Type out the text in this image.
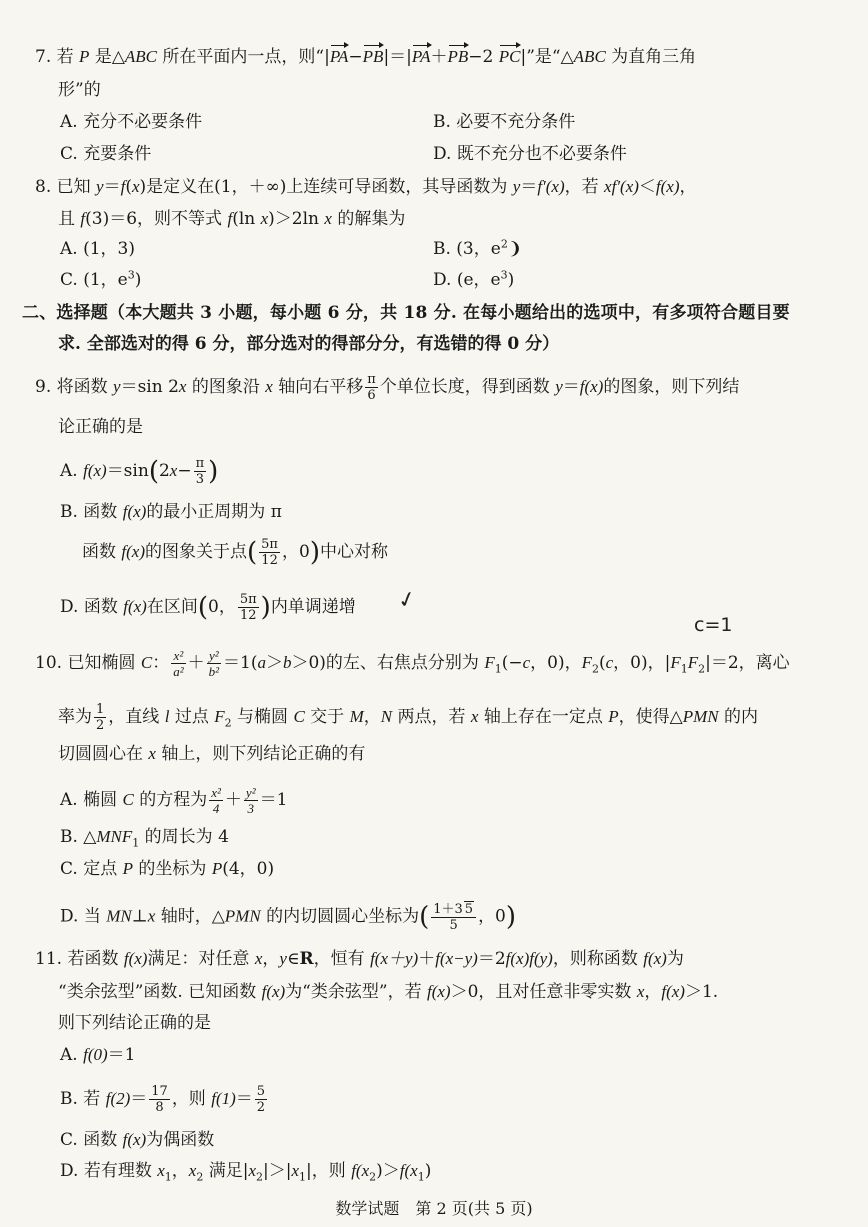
7. 若 P 是△ABC 所在平面内一点，则“|PA−PB|＝|PA＋PB−2 PC|”是“△ABC 为直角三角
形”的
A. 充分不必要条件	B. 必要不充分条件
C. 充要条件	D. 既不充分也不必要条件
8. 已知 y＝f(x)是定义在(1，＋∞)上连续可导函数，其导函数为 y＝f′(x)，若 xf′(x)＜f(x)，
且 f(3)＝6，则不等式 f(ln x)＞2ln x 的解集为
A. (1，3)	B. (3，$e^2❩$
C. (1，$e^3$)	D. (e，$e^3$)
二、选择题（本大题共 3 小题，每小题 6 分，共 18 分. 在每小题给出的选项中，有多项符合题目要
求. 全部选对的得 6 分，部分选对的得部分分，有选错的得 0 分）
9. 将函数 y＝sin 2x 的图象沿 x 轴向右平移 $\frac{\pi}{6}$ 个单位长度，得到函数 y＝f(x)的图象，则下列结
论正确的是
A. $f(x)=\sin(2x- \frac{\pi}{3}$ )
B. 函数 f(x)的最小正周期为 π
函数 f(x)的图象关于点( $\frac{5\pi}{12}$ ，0)中心对称
D. 函数 f(x)在区间(0， $\frac{5\pi}{12}$ )内单调递增 ✓
c=1
10. 已知椭圆 C： $\frac{\text{x²}}{\text{a²}} + \frac{\text{y²}}{\text{b²}} =1(a>b>0)$的左、右焦点分别为 $F_1(-c$，0)，$F_2(c$，0)，$|F_1F_2|=2$，离心
率为 $\frac{1}{2}$ ，直线 l 过点 $F_2$ 与椭圆 C 交于 M，N 两点，若 x 轴上存在一定点 P，使得△PMN 的内
切圆圆心在 x 轴上，则下列结论正确的有
A. 椭圆 C 的方程为 $\frac{\text{x²}}{4} + \frac{\text{y²}}{3} =1$
B. $\triangle MNF_1$ 的周长为 4
C. 定点 P 的坐标为 P(4，0)
D. 当 MN⊥x 轴时，△PMN 的内切圆圆心坐标为( $\frac{1+3 5}{5}$ ，0)
11. 若函数 f(x)满足：对任意 x，y∈R，恒有 f(x＋y)＋f(x−y)＝2f(x)f(y)，则称函数 f(x)为
“类余弦型”函数. 已知函数 f(x)为“类余弦型”，若 f(x)＞0，且对任意非零实数 x，f(x)＞1.
则下列结论正确的是
A. f(0)＝1
B. 若 $f(2)= \frac{17}{8}$ ，则 $f(1)= \frac{5}{2}$
C. 函数 f(x)为偶函数
D. 若有理数 $x_1$，$x_2$ 满足$|x_2|>|x_1|$，则 $f(x_2)>f(x_1)$
数学试题　第 2 页(共 5 页)
